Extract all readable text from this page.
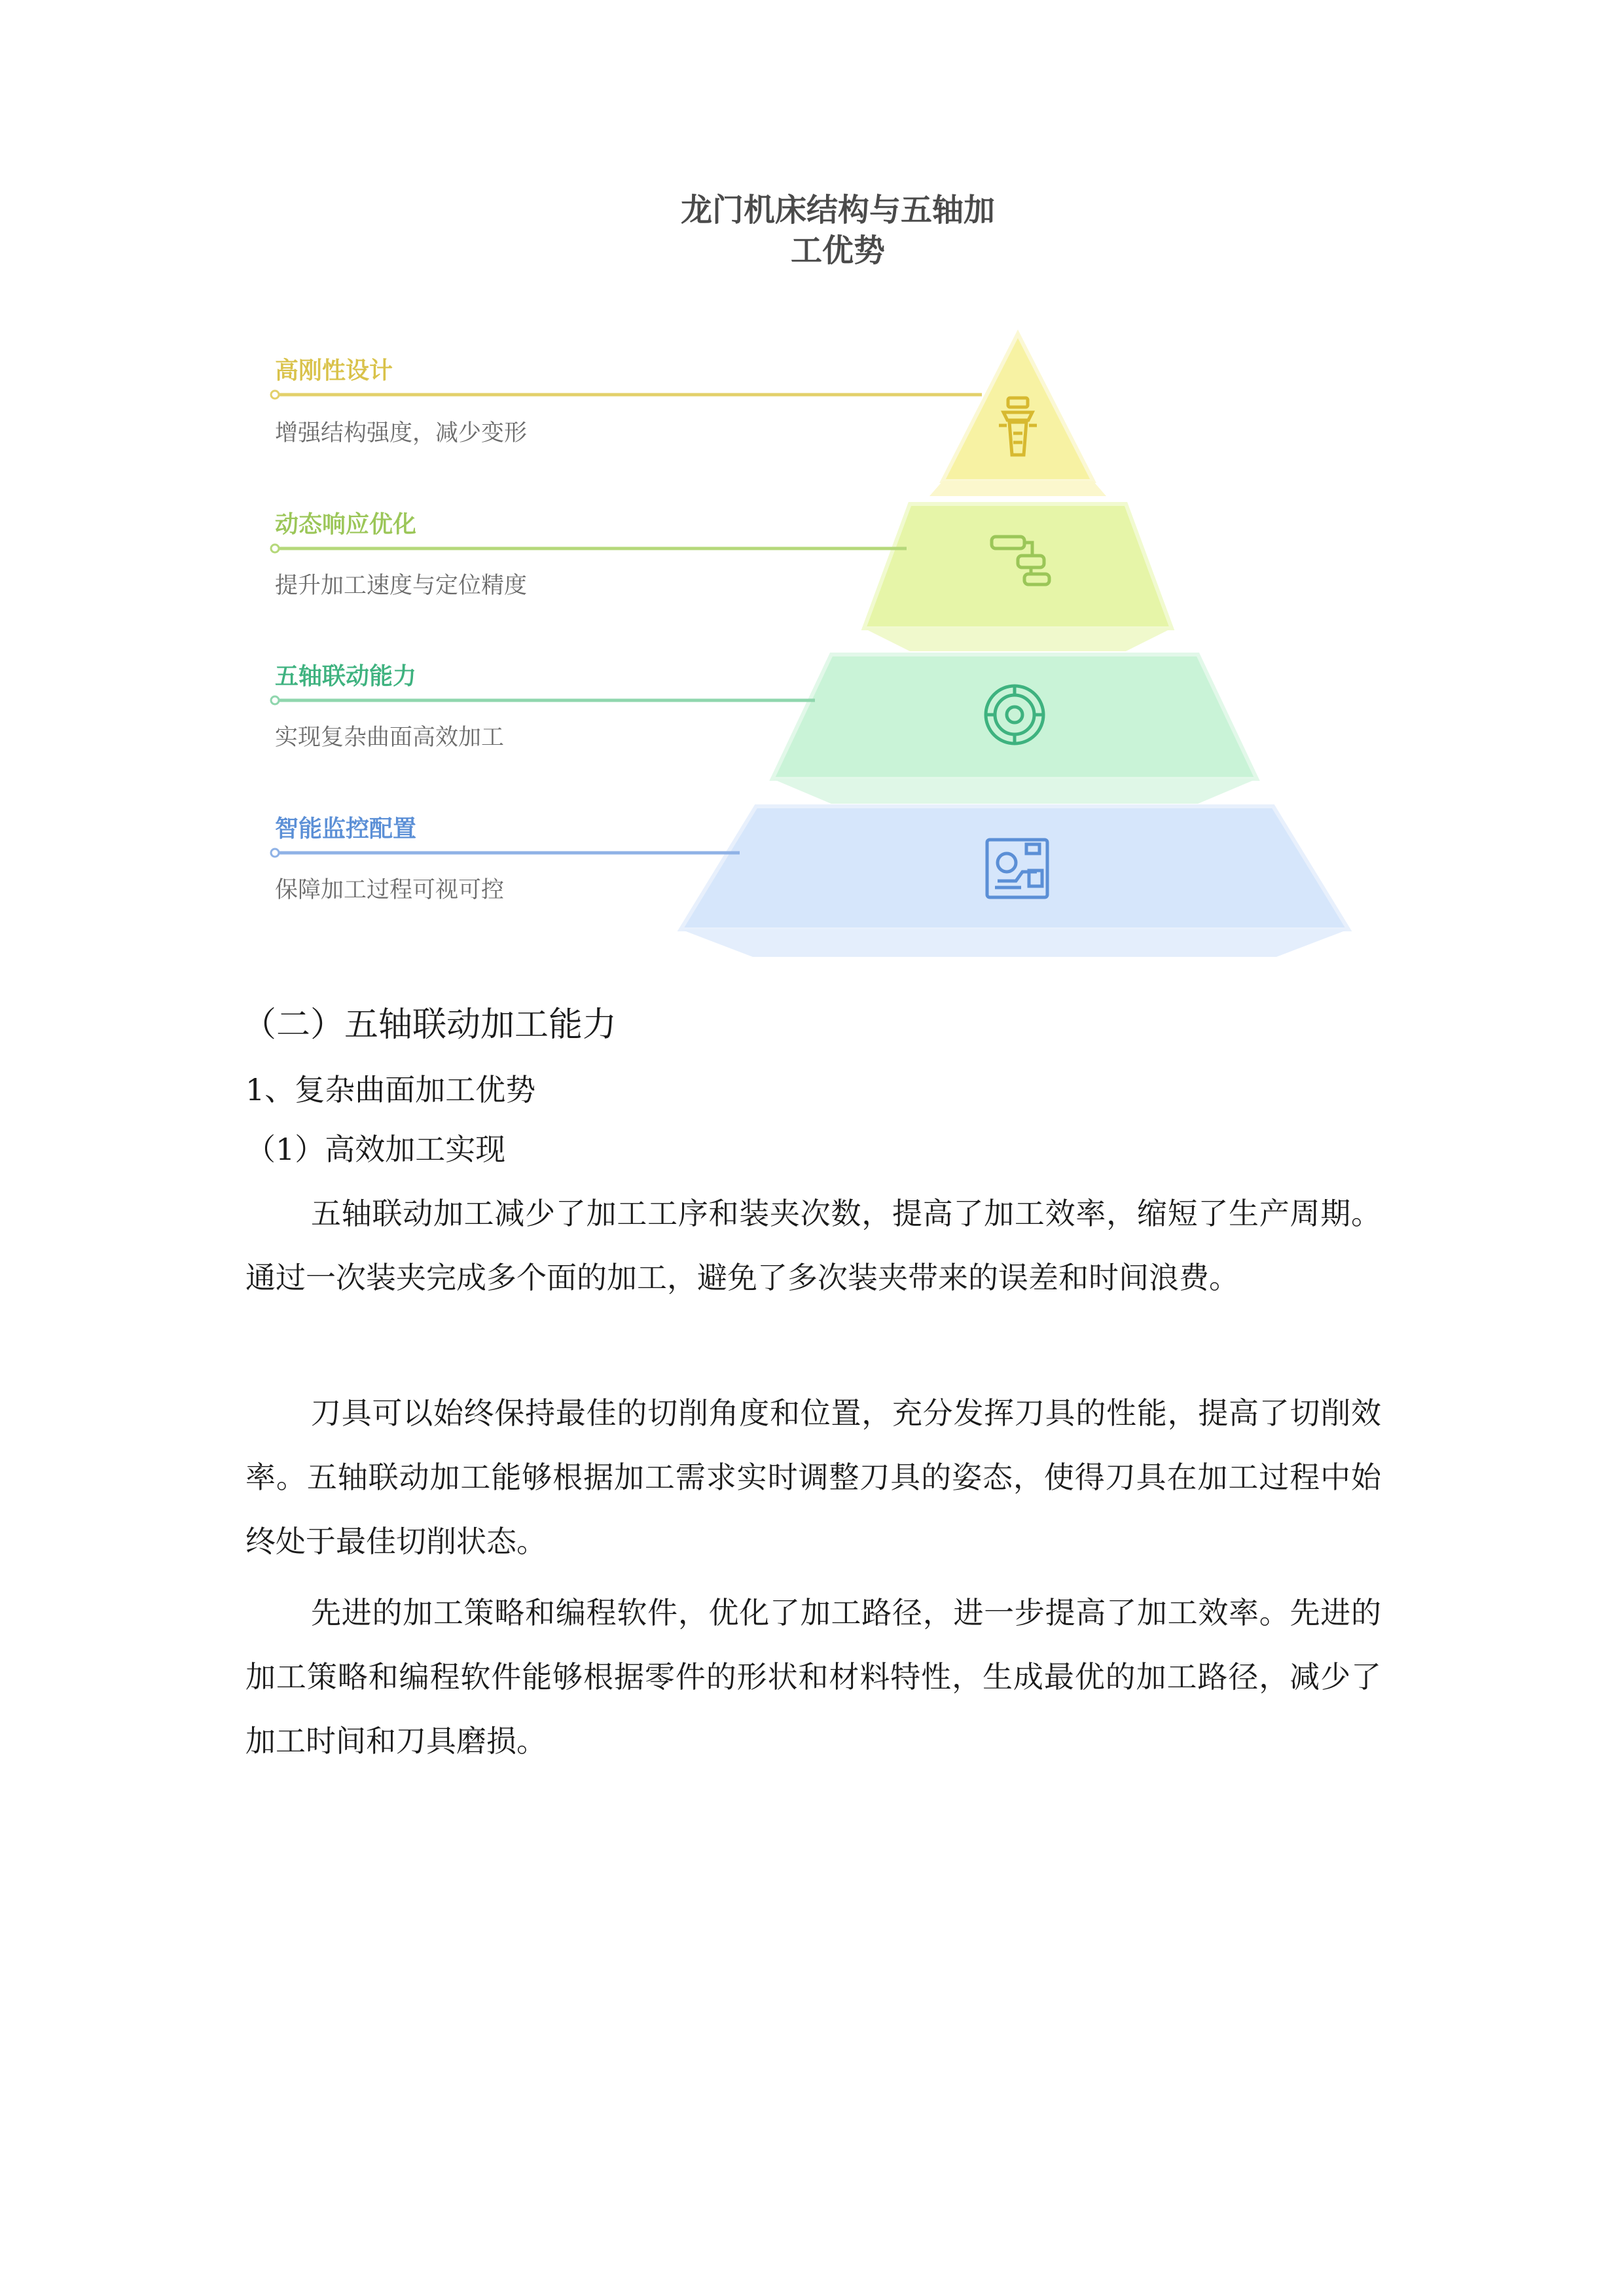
龙门机床结构与五轴加
工优势
高刚性设计
增强结构强度，减少变形
动态响应优化
提升加工速度与定位精度
五轴联动能力
实现复杂曲面高效加工
智能监控配置
保障加工过程可视可控
（二）五轴联动加工能力
1、复杂曲面加工优势
（1）高效加工实现

五轴联动加工减少了加工工序和装夹次数，提高了加工效率，缩短了生产周期。通过一次装夹完成多个面的加工，避免了多次装夹带来的误差和时间浪费。

刀具可以始终保持最佳的切削角度和位置，充分发挥刀具的性能，提高了切削效率。五轴联动加工能够根据加工需求实时调整刀具的姿态，使得刀具在加工过程中始终处于最佳切削状态。

先进的加工策略和编程软件，优化了加工路径，进一步提高了加工效率。先进的加工策略和编程软件能够根据零件的形状和材料特性，生成最优的加工路径，减少了加工时间和刀具磨损。
